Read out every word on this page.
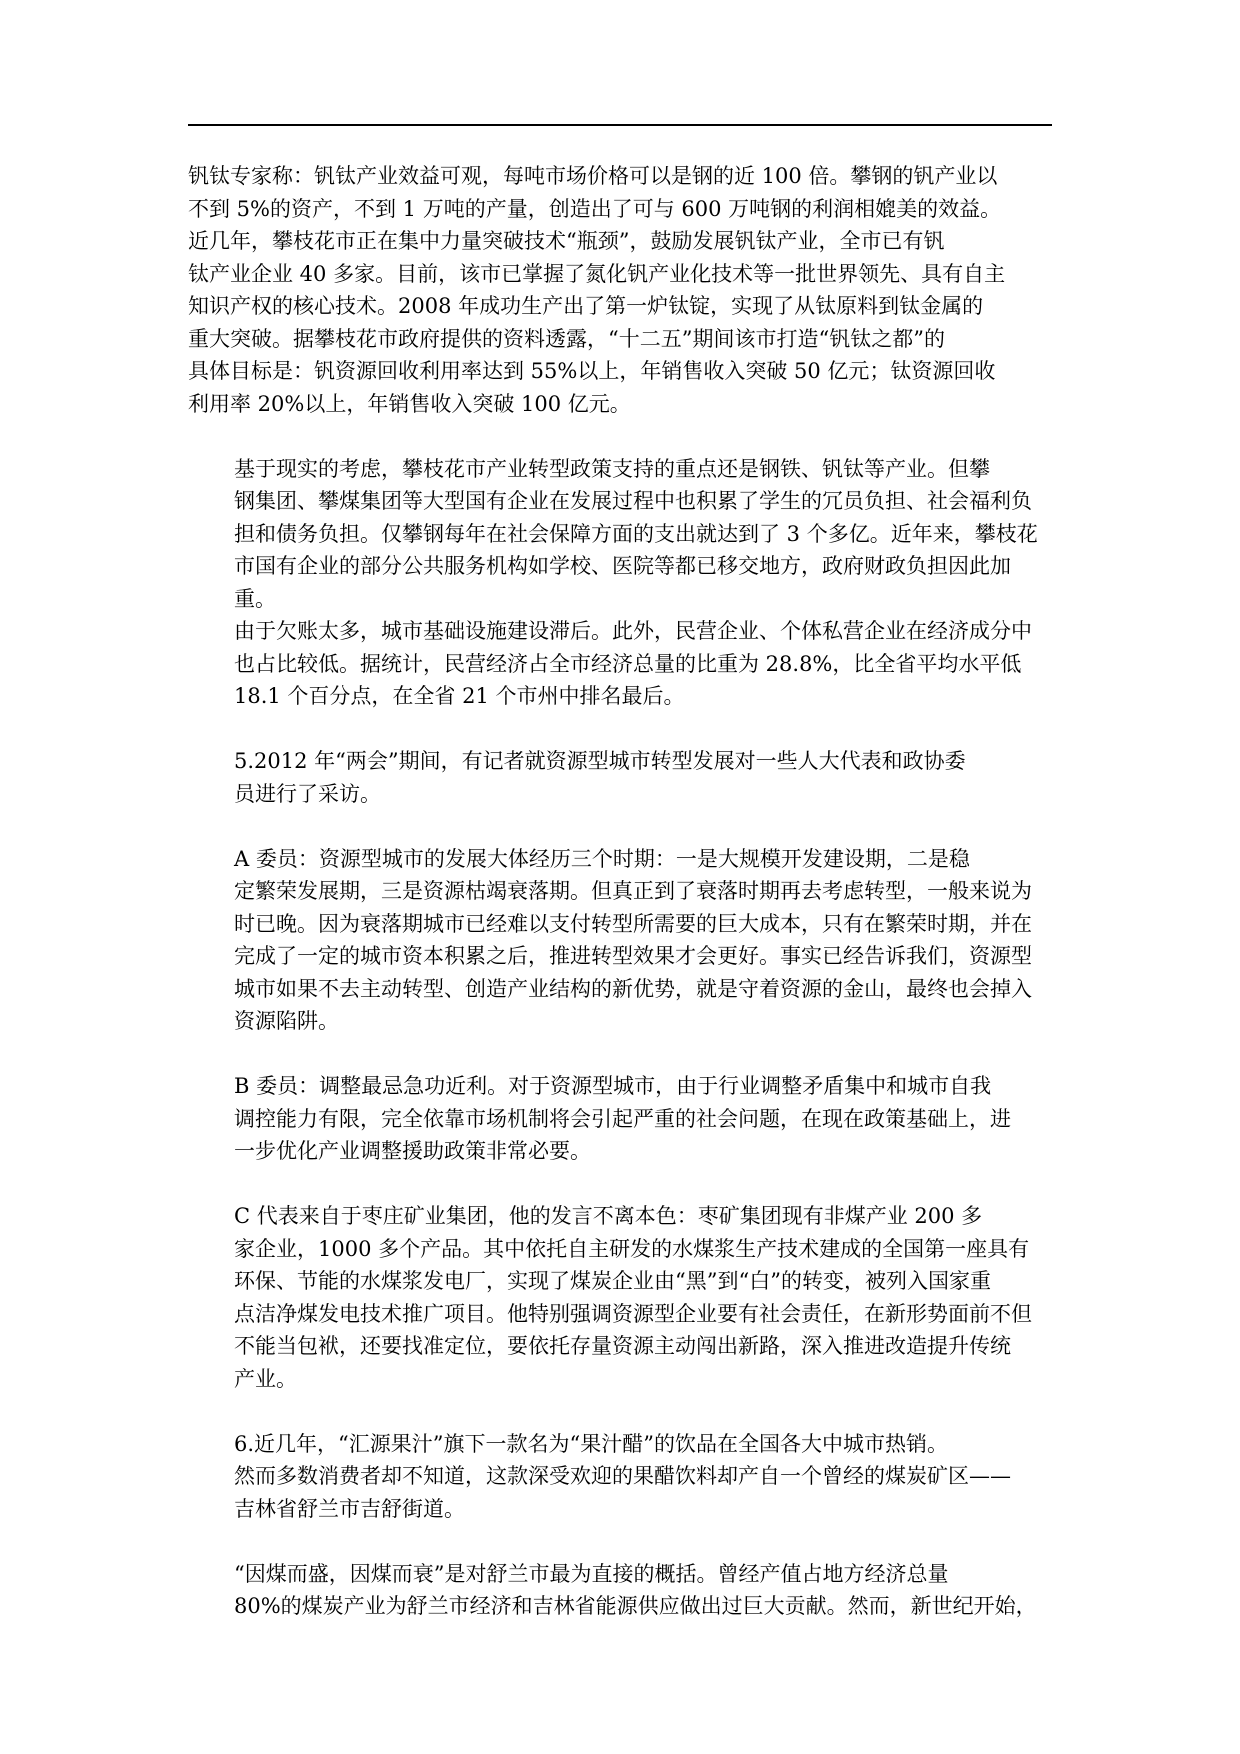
钒钛专家称：钒钛产业效益可观，每吨市场价格可以是钢的近 100 倍。攀钢的钒产业以
不到 5%的资产，不到 1 万吨的产量，创造出了可与 600 万吨钢的利润相媲美的效益。
近几年，攀枝花市正在集中力量突破技术“瓶颈”，鼓励发展钒钛产业，全市已有钒
钛产业企业 40 多家。目前，该市已掌握了氮化钒产业化技术等一批世界领先、具有自主
知识产权的核心技术。2008 年成功生产出了第一炉钛锭，实现了从钛原料到钛金属的
重大突破。据攀枝花市政府提供的资料透露，“十二五”期间该市打造“钒钛之都”的
具体目标是：钒资源回收利用率达到 55%以上，年销售收入突破 50 亿元；钛资源回收
利用率 20%以上，年销售收入突破 100 亿元。

基于现实的考虑，攀枝花市产业转型政策支持的重点还是钢铁、钒钛等产业。但攀
钢集团、攀煤集团等大型国有企业在发展过程中也积累了学生的冗员负担、社会福利负
担和债务负担。仅攀钢每年在社会保障方面的支出就达到了 3 个多亿。近年来，攀枝花
市国有企业的部分公共服务机构如学校、医院等都已移交地方，政府财政负担因此加重。
由于欠账太多，城市基础设施建设滞后。此外，民营企业、个体私营企业在经济成分中
也占比较低。据统计，民营经济占全市经济总量的比重为 28.8%，比全省平均水平低
18.1 个百分点，在全省 21 个市州中排名最后。

5.2012 年“两会”期间，有记者就资源型城市转型发展对一些人大代表和政协委
员进行了采访。

A 委员：资源型城市的发展大体经历三个时期：一是大规模开发建设期，二是稳
定繁荣发展期，三是资源枯竭衰落期。但真正到了衰落时期再去考虑转型，一般来说为
时已晚。因为衰落期城市已经难以支付转型所需要的巨大成本，只有在繁荣时期，并在
完成了一定的城市资本积累之后，推进转型效果才会更好。事实已经告诉我们，资源型
城市如果不去主动转型、创造产业结构的新优势，就是守着资源的金山，最终也会掉入
资源陷阱。

B 委员：调整最忌急功近利。对于资源型城市，由于行业调整矛盾集中和城市自我
调控能力有限，完全依靠市场机制将会引起严重的社会问题，在现在政策基础上，进
一步优化产业调整援助政策非常必要。

C 代表来自于枣庄矿业集团，他的发言不离本色：枣矿集团现有非煤产业 200 多
家企业，1000 多个产品。其中依托自主研发的水煤浆生产技术建成的全国第一座具有
环保、节能的水煤浆发电厂，实现了煤炭企业由“黑”到“白”的转变，被列入国家重
点洁净煤发电技术推广项目。他特别强调资源型企业要有社会责任，在新形势面前不但
不能当包袱，还要找准定位，要依托存量资源主动闯出新路，深入推进改造提升传统
产业。

6.近几年，“汇源果汁”旗下一款名为“果汁醋”的饮品在全国各大中城市热销。
然而多数消费者却不知道，这款深受欢迎的果醋饮料却产自一个曾经的煤炭矿区——
吉林省舒兰市吉舒街道。

“因煤而盛，因煤而衰”是对舒兰市最为直接的概括。曾经产值占地方经济总量
80%的煤炭产业为舒兰市经济和吉林省能源供应做出过巨大贡献。然而，新世纪开始，
